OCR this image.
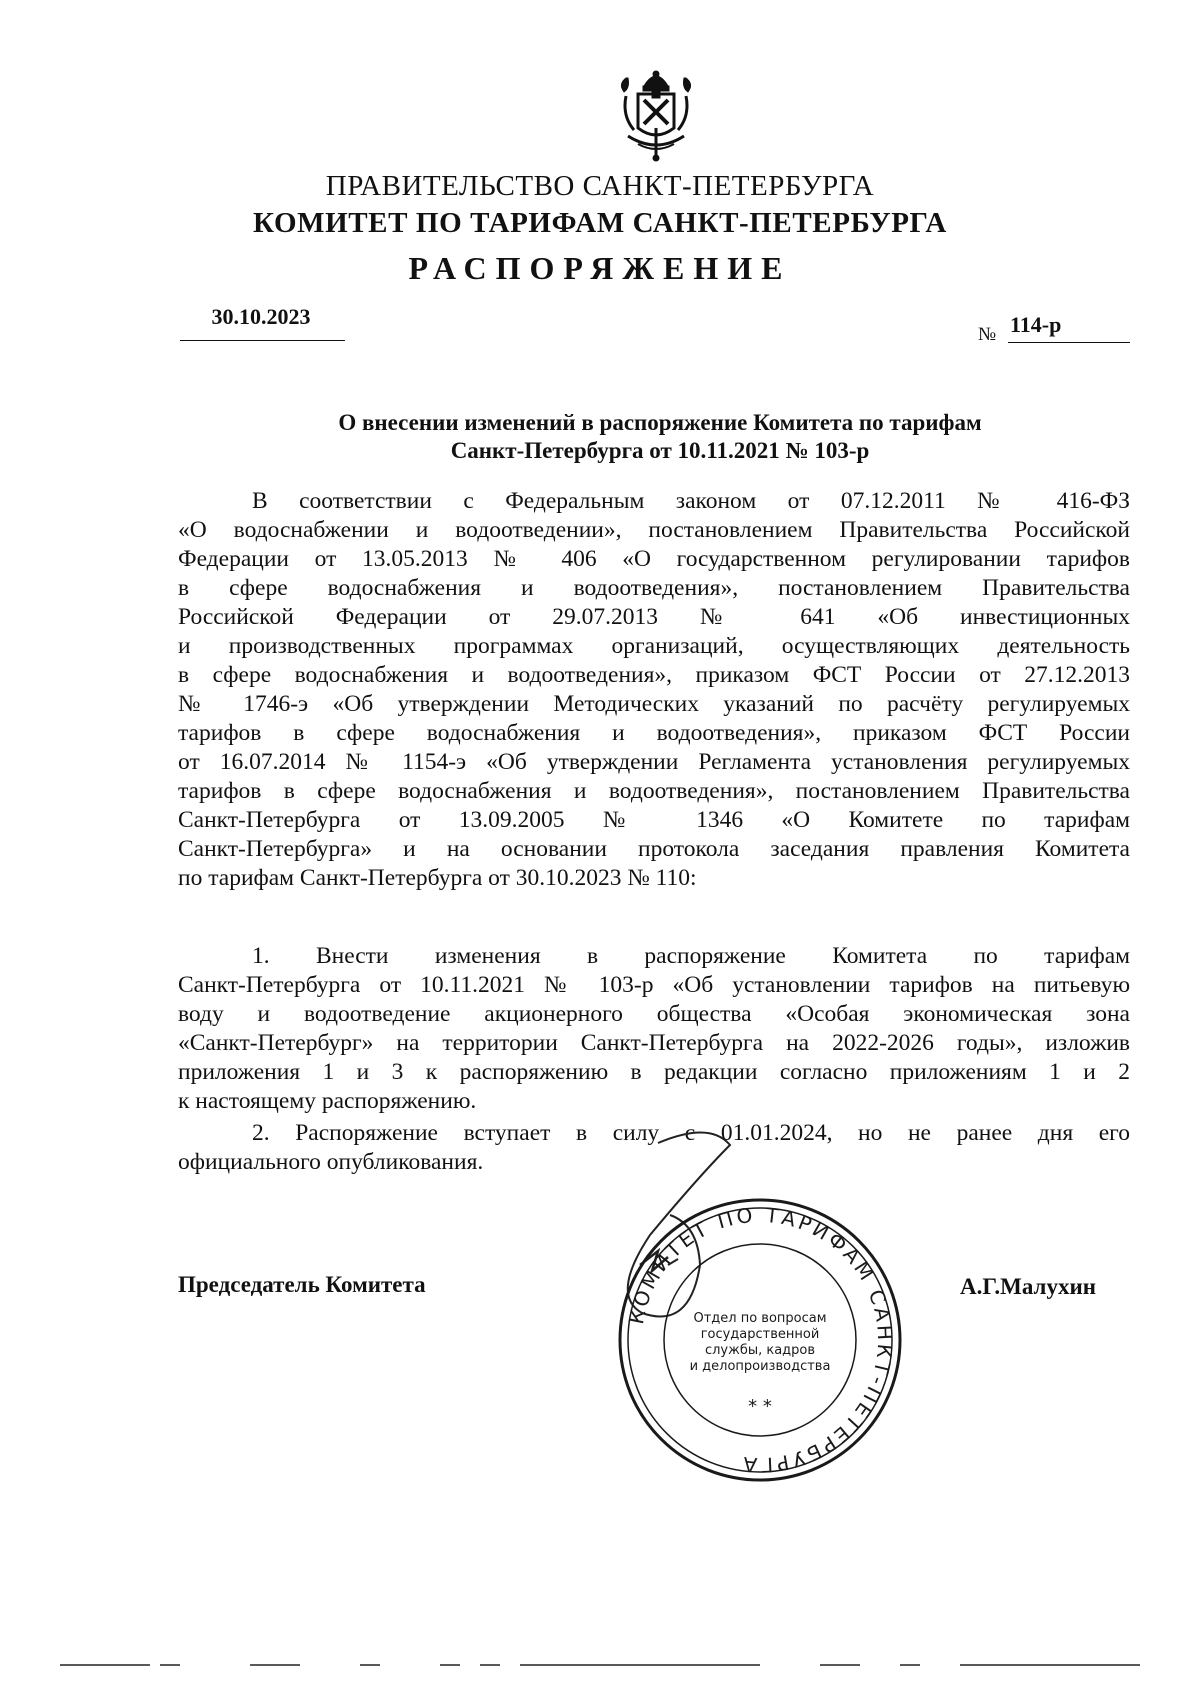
ПРАВИТЕЛЬСТВО САНКТ-ПЕТЕРБУРГА
КОМИТЕТ ПО ТАРИФАМ САНКТ-ПЕТЕРБУРГА
РАСПОРЯЖЕНИЕ
30.10.2023
№ 114-р
О внесении изменений в распоряжение Комитета по тарифам
Санкт-Петербурга от 10.11.2021 № 103-р
В соответствии с Федеральным законом от 07.12.2011 № 416-ФЗ
«О водоснабжении и водоотведении», постановлением Правительства Российской
Федерации от 13.05.2013 № 406 «О государственном регулировании тарифов
в сфере водоснабжения и водоотведения», постановлением Правительства
Российской Федерации от 29.07.2013 № 641 «Об инвестиционных
и производственных программах организаций, осуществляющих деятельность
в сфере водоснабжения и водоотведения», приказом ФСТ России от 27.12.2013
№ 1746-э «Об утверждении Методических указаний по расчёту регулируемых
тарифов в сфере водоснабжения и водоотведения», приказом ФСТ России
от 16.07.2014 № 1154-э «Об утверждении Регламента установления регулируемых
тарифов в сфере водоснабжения и водоотведения», постановлением Правительства
Санкт-Петербурга от 13.09.2005 № 1346 «О Комитете по тарифам
Санкт-Петербурга» и на основании протокола заседания правления Комитета
по тарифам Санкт-Петербурга от 30.10.2023 № 110:
1. Внести изменения в распоряжение Комитета по тарифам
Санкт-Петербурга от 10.11.2021 № 103-р «Об установлении тарифов на питьевую
воду и водоотведение акционерного общества «Особая экономическая зона
«Санкт-Петербург» на территории Санкт-Петербурга на 2022-2026 годы», изложив
приложения 1 и 3 к распоряжению в редакции согласно приложениям 1 и 2
к настоящему распоряжению.
2. Распоряжение вступает в силу с 01.01.2024, но не ранее дня его
официального опубликования.
Председатель Комитета	А.Г.Малухин
КОМИТЕТ ПО ТАРИФАМ САНКТ-ПЕТЕРБУРГА
Отдел по вопросам
государственной
службы, кадров
и делопроизводства
* *
